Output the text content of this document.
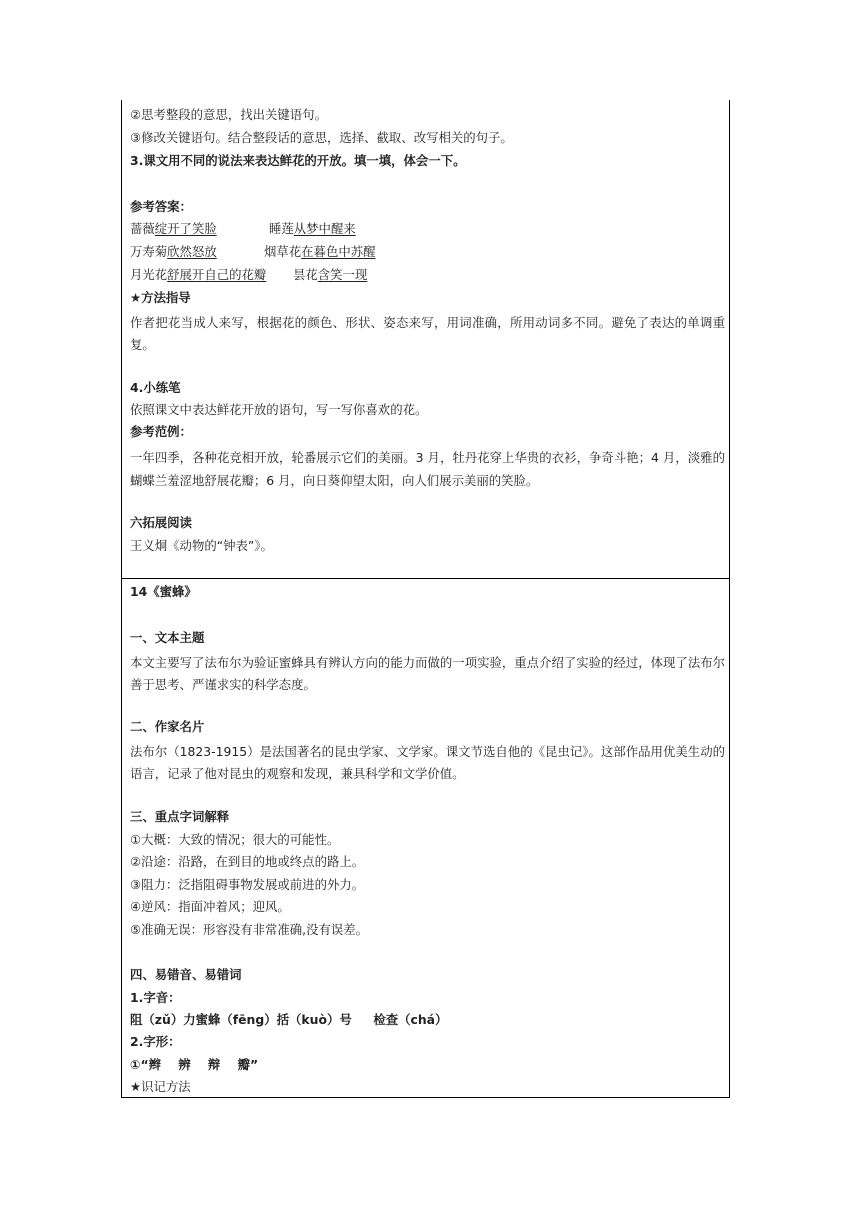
②思考整段的意思，找出关键语句。
③修改关键语句。结合整段话的意思，选择、截取、改写相关的句子。
3.课文用不同的说法来表达鲜花的开放。填一填，体会一下。
参考答案：
蔷薇绽开了笑脸	睡莲从梦中醒来
万寿菊欣然怒放	烟草花在暮色中苏醒
月光花舒展开自己的花瓣 昙花含笑一现
★方法指导
作者把花当成人来写，根据花的颜色、形状、姿态来写，用词准确，所用动词多不同。避免了表达的单调重复。
4.小练笔
依照课文中表达鲜花开放的语句，写一写你喜欢的花。
参考范例：
一年四季，各种花竞相开放，轮番展示它们的美丽。3 月，牡丹花穿上华贵的衣衫，争奇斗艳；4 月，淡雅的蝴蝶兰羞涩地舒展花瓣；6 月，向日葵仰望太阳，向人们展示美丽的笑脸。
六拓展阅读
王义炯《动物的“钟表”》。
14《蜜蜂》
一、文本主题
本文主要写了法布尔为验证蜜蜂具有辨认方向的能力而做的一项实验，重点介绍了实验的经过，体现了法布尔善于思考、严谨求实的科学态度。
二、作家名片
法布尔（1823-1915）是法国著名的昆虫学家、文学家。课文节选自他的《昆虫记》。这部作品用优美生动的语言，记录了他对昆虫的观察和发现，兼具科学和文学价值。
三、重点字词解释
①大概：大致的情况；很大的可能性。
②沿途：沿路，在到目的地或终点的路上。
③阻力：泛指阻碍事物发展或前进的外力。
④逆风：指面冲着风；迎风。
⑤准确无误：形容没有非常准确,没有误差。
四、易错音、易错词
1.字音：
阻（zǔ）力蜜蜂（fēng）括（kuò）号     检查（chá）
2.字形：
①“辫    辨    辩    瓣”
★识记方法
